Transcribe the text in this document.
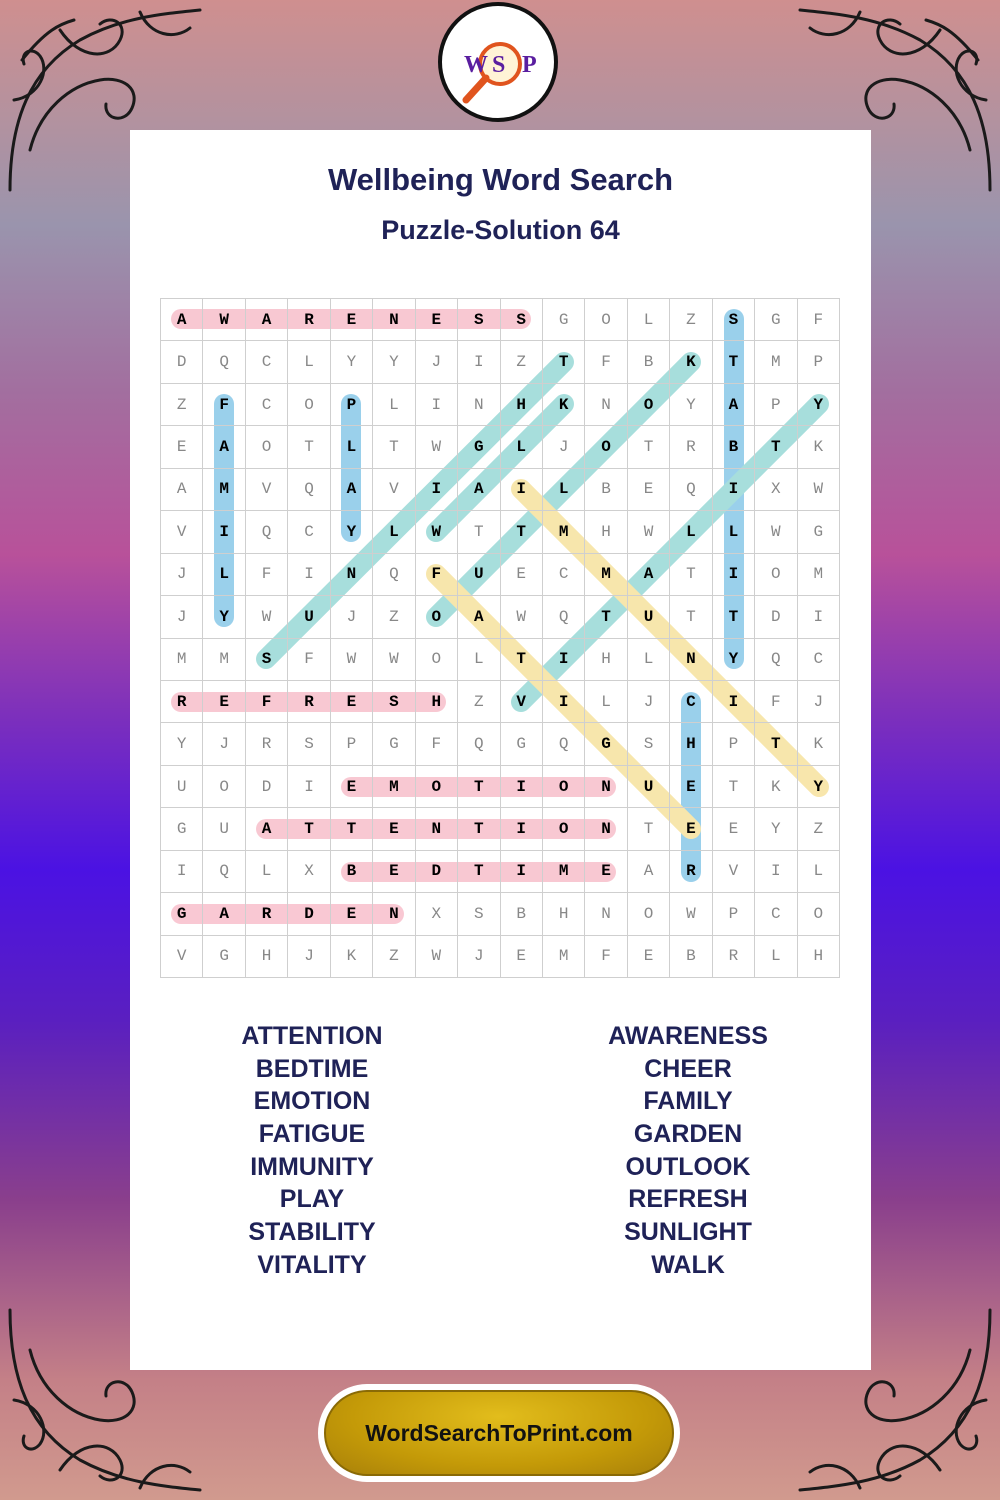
W S P
Wellbeing Word Search
Puzzle-Solution 64
A	W	A	R	E	N	E	S	S	G	O	L	Z	S	G	F
D	Q	C	L	Y	Y	J	I	Z	T	F	B	K	T	M	P
Z	F	C	O	P	L	I	N	H	K	N	O	Y	A	P	Y
E	A	O	T	L	T	W	G	L	J	O	T	R	B	T	K
A	M	V	Q	A	V	I	A	I	L	B	E	Q	I	X	W
V	I	Q	C	Y	L	W	T	T	M	H	W	L	L	W	G
J	L	F	I	N	Q	F	U	E	C	M	A	T	I	O	M
J	Y	W	U	J	Z	O	A	W	Q	T	U	T	T	D	I
M	M	S	F	W	W	O	L	T	I	H	L	N	Y	Q	C
R	E	F	R	E	S	H	Z	V	I	L	J	C	I	F	J
Y	J	R	S	P	G	F	Q	G	Q	G	S	H	P	T	K
U	O	D	I	E	M	O	T	I	O	N	U	E	T	K	Y
G	U	A	T	T	E	N	T	I	O	N	T	E	E	Y	Z
I	Q	L	X	B	E	D	T	I	M	E	A	R	V	I	L
G	A	R	D	E	N	X	S	B	H	N	O	W	P	C	O
V	G	H	J	K	Z	W	J	E	M	F	E	B	R	L	H
ATTENTION
BEDTIME
EMOTION
FATIGUE
IMMUNITY
PLAY
STABILITY
VITALITY
AWARENESS
CHEER
FAMILY
GARDEN
OUTLOOK
REFRESH
SUNLIGHT
WALK
WordSearchToPrint.com
